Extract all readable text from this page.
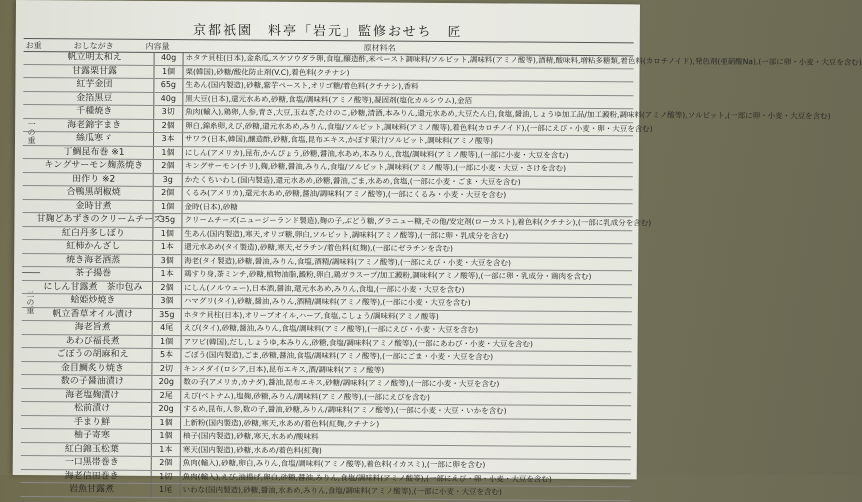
京都祇園　料亭「岩元」監修おせち　匠
お重	おしながき	内容量	原材料名
一の重
二の重
帆立明太和え	40g	ホタテ貝柱(日本),金糸瓜,スケソウダラ卵,食塩,醸造酢,米ペースト調味料/ソルビット,調味料(アミノ酸等),酒精,酸味料,増粘多糖類,着色料(カロチノイド),発色剤(亜硝酸Na),(一部に卵・小麦・大豆を含む)
甘露栗甘露	1個	栗(韓国),砂糖/酸化防止剤(V.C),着色料(クチナシ)
紅芋金団	65g	生あん(国内製造),砂糖,紫芋ペースト,オリゴ糖/着色料(クチナシ),香料
金箔黒豆	40g	黒大豆(日本),還元水あめ,砂糖,食塩/調味料(アミノ酸等),凝固剤(塩化カルシウム),金箔
千種焼き	3切	魚肉(輸入),鶏卵,人参,青さ,大豆,玉ねぎ,たけのこ,砂糖,清酒,本みりん,還元水あめ,大豆たん白,食塩,醤油,しょうゆ加工品/加工澱粉,調味料(アミノ酸等),ソルビット,(一部に卵・小麦・大豆を含む)
海老錦宇まき	2個	卵白,錦糸卵,えび,砂糖,還元水あめ,みりん,食塩/ソルビット,調味料(アミノ酸等),着色料(カロチノイド),(一部にえび・小麦・卵・大豆を含む)
絲瓜寒ゞ	3本	サワラ(日本,韓国),醸造酢,砂糖,食塩,昆布エキス,かぼす果汁/ソルビット,調味料(アミノ酸等)
丁鯛昆布巻 ※1	1個	にしん(アメリカ),昆布,かんぴょう,砂糖,醤油,水あめ,本みりん,食塩/調味料(アミノ酸等),(一部に小麦・大豆を含む)
キングサーモン麹蒸焼き	2個	キングサーモン(チリ),麹,砂糖,醤油,みりん,食塩/ソルビット,調味料(アミノ酸等),(一部に小麦・大豆・さけを含む)
田作り ※2	3g	かたくちいわし(国内製造),還元水あめ,砂糖,醤油,ごま,水あめ,食塩,(一部に小麦・ごま・大豆を含む)
合鴨黒胡椒焼	2個	くるみ(アメリカ),還元水あめ,砂糖,醤油/調味料(アミノ酸等),(一部にくるみ・小麦・大豆を含む)
金時甘煮	1個	金時(日本),砂糖
甘麹どあずきのクリームチーズ	35g	クリームチーズ(ニュージーランド製造),麹の子,ぶどう糖,グラニュー糖,その他/安定剤(ローカスト),着色料(クチナシ),(一部に乳成分を含む)
紅白丹多しぼり	1個	生あん(国内製造),寒天,オリゴ糖,卵白,ソルビット,調味料(アミノ酸等),(一部に卵・乳成分を含む)
紅柿かんざし	1本	還元水あめ(タイ製造),砂糖,寒天,ゼラチン/着色料(紅麹),(一部にゼラチンを含む)
焼き海老酒蒸	3個	海老(タイ製造),砂糖,醤油,みりん,食塩,酒精/調味料(アミノ酸等),(一部にえび・小麦・大豆を含む)
茶子揚巻	1本	鶏すり身,茶ミンチ,砂糖,植物油脂,澱粉,卵白,鶏ガラスープ/加工澱粉,調味料(アミノ酸等),(一部に卵・乳成分・鶏肉を含む)
にしん甘露煮　茶巾包み	2個	にしん(ノルウェー),日本酒,醤油,還元水あめ,みりん,食塩,(一部に小麦・大豆を含む)
蛤姫炒焼き	3個	ハマグリ(タイ),砂糖,醤油,みりん,酒精/調味料(アミノ酸等),(一部に小麦・大豆を含む)
帆立香草オイル漬け	35g	ホタテ貝柱(日本),オリーブオイル,ハーブ,食塩,こしょう/調味料(アミノ酸等)
海老旨煮	4尾	えび(タイ),砂糖,醤油,みりん,食塩/調味料(アミノ酸等),(一部にえび・小麦・大豆を含む)
あわび福長煮	1個	アワビ(韓国),だし,しょうゆ,本みりん,砂糖,食塩/調味料(アミノ酸等),(一部にあわび・小麦・大豆を含む)
ごぼうの胡麻和え	5本	ごぼう(国内製造),ごま,砂糖,醤油,食塩/調味料(アミノ酸等),(一部にごま・小麦・大豆を含む)
金目鯛炙り焼き	2切	キンメダイ(ロシア,日本),昆布エキス,酒/調味料(アミノ酸等)
数の子醤油漬け	20g	数の子(アメリカ,カナダ),醤油,昆布エキス,砂糖/調味料(アミノ酸等),(一部に小麦・大豆を含む)
海老塩麹漬け	2尾	えび(ベトナム),塩麹,砂糖,みりん/調味料(アミノ酸等),(一部にえびを含む)
松前漬け	20g	するめ,昆布,人参,数の子,醤油,砂糖,みりん/調味料(アミノ酸等),(一部に小麦・大豆・いかを含む)
手まり鮮	1個	上新粉(国内製造),砂糖,寒天,水あめ/着色料(紅麹,クチナシ)
柚子寄寒	1個	柚子(国内製造),砂糖,寒天,水あめ/酸味料
紅白錦玉松葉	1本	寒天(国内製造),砂糖,水あめ/着色料(紅麹)
一口黒帯巻き	2個	魚肉(輸入),砂糖,卵白,みりん,食塩/調味料(アミノ酸等),着色料(イカスミ),(一部に卵を含む)
海老信田巻き	1切	魚肉(輸入),えび,油揚げ,卵白,砂糖,醤油,みりん,食塩/調味料(アミノ酸等),(一部にえび・卵・小麦・大豆を含む)
岩魚甘露煮	1尾	いわな(国内製造),砂糖,醤油,水あめ,みりん,食塩/調味料(アミノ酸等),(一部に小麦・大豆を含む)
